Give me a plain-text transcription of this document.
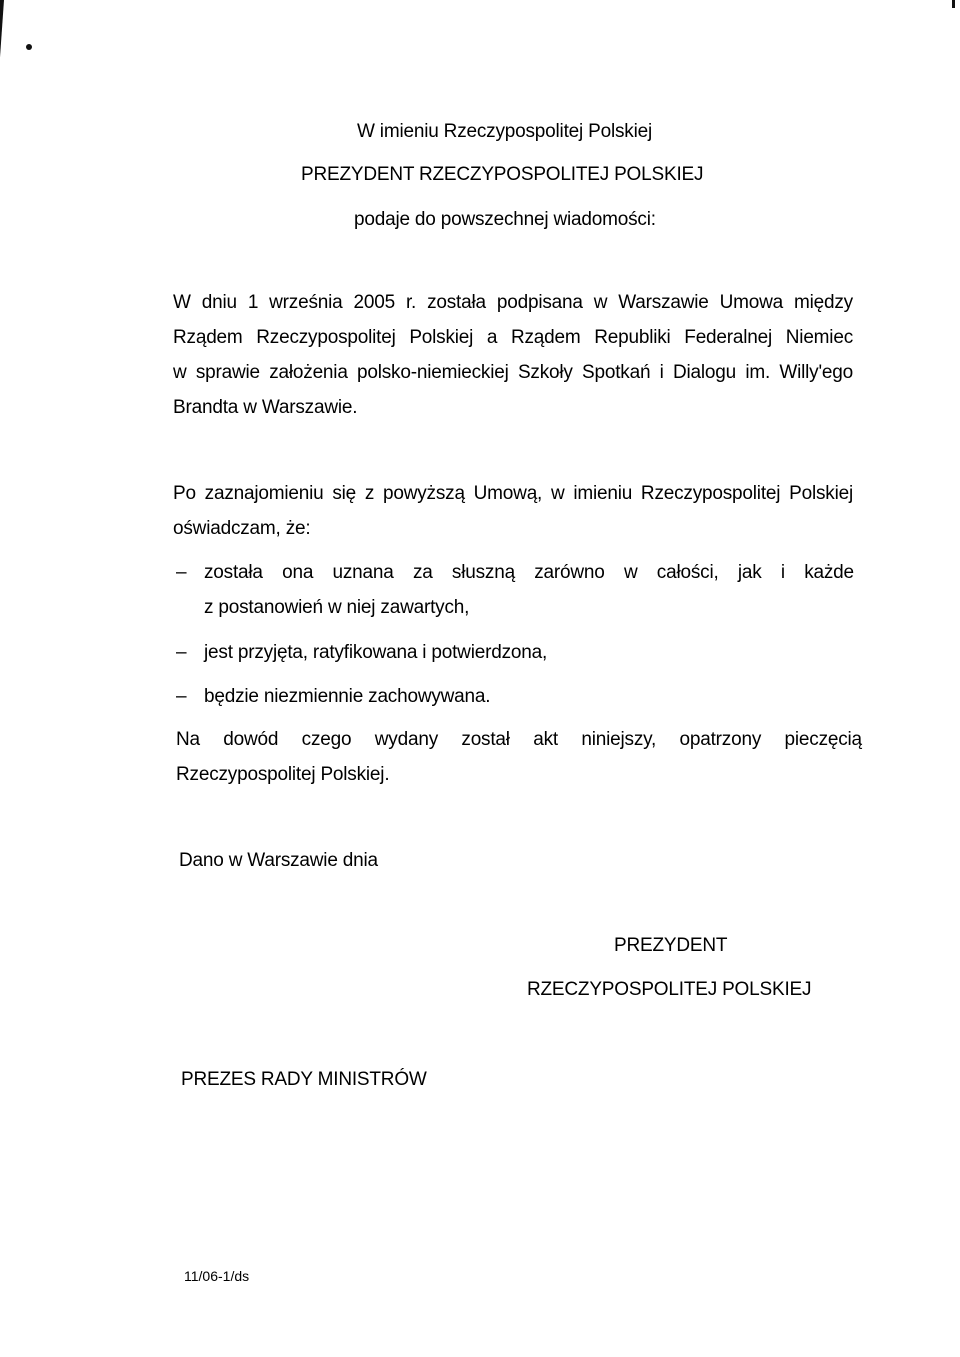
W imieniu Rzeczypospolitej Polskiej
PREZYDENT RZECZYPOSPOLITEJ POLSKIEJ
podaje do powszechnej wiadomości:
W dniu 1 września 2005 r. została podpisana w Warszawie Umowa między
Rządem Rzeczypospolitej Polskiej a Rządem Republiki Federalnej Niemiec
w sprawie założenia polsko-niemieckiej Szkoły Spotkań i Dialogu im. Willy'ego
Brandta w Warszawie.
Po zaznajomieniu się z powyższą Umową, w imieniu Rzeczypospolitej Polskiej
oświadczam, że:
– została ona uznana za słuszną zarówno w całości, jak i każde
z postanowień w niej zawartych,
– jest przyjęta, ratyfikowana i potwierdzona,
– będzie niezmiennie zachowywana.
Na dowód czego wydany został akt niniejszy, opatrzony pieczęcią
Rzeczypospolitej Polskiej.
Dano w Warszawie dnia
PREZYDENT
RZECZYPOSPOLITEJ POLSKIEJ
PREZES RADY MINISTRÓW
11/06-1/ds
